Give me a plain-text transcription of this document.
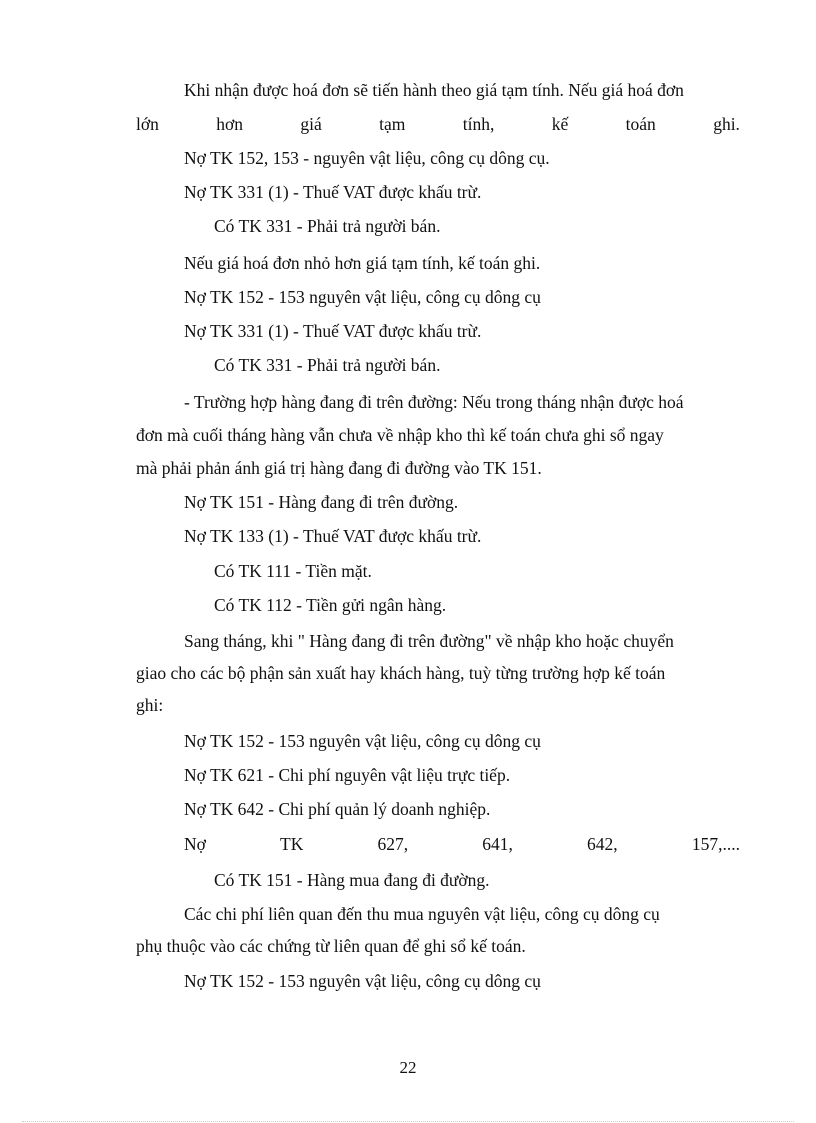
Khi nhận được hoá đơn sẽ tiến hành theo giá tạm tính. Nếu giá hoá đơn
lớn	hơn	giá	tạm	tính,	kế	toán	ghi.
Nợ TK 152, 153 - nguyên vật liệu, công cụ dông cụ.
Nợ TK 331 (1) - Thuế VAT được khấu trừ.
Có TK 331 - Phải trả người bán.
Nếu giá hoá đơn nhỏ hơn giá tạm tính, kế toán ghi.
Nợ TK 152 - 153 nguyên vật liệu, công cụ dông cụ
Nợ TK 331 (1) - Thuế VAT được khấu trừ.
Có TK 331 - Phải trả người bán.
- Trường hợp hàng đang đi trên đường: Nếu trong tháng nhận được hoá
đơn mà cuối tháng hàng vẫn chưa về nhập kho thì kế toán chưa ghi sổ ngay
mà phải phản ánh giá trị hàng đang đi đường vào TK 151.
Nợ TK 151 - Hàng đang đi trên đường.
Nợ TK 133 (1) - Thuế VAT được khấu trừ.
Có TK 111 - Tiền mặt.
Có TK 112 - Tiền gửi ngân hàng.
Sang tháng, khi " Hàng đang đi trên đường" về nhập kho hoặc chuyển
giao cho các bộ phận sản xuất hay khách hàng, tuỳ từng trường hợp kế toán
ghi:
Nợ TK 152 - 153 nguyên vật liệu, công cụ dông cụ
Nợ TK 621 - Chi phí nguyên vật liệu trực tiếp.
Nợ TK 642 - Chi phí quản lý doanh nghiệp.
Nợ	TK	627,	641,	642,	157,....
Có TK 151 - Hàng mua đang đi đường.
Các chi phí liên quan đến thu mua nguyên vật liệu, công cụ dông cụ
phụ thuộc vào các chứng từ liên quan để ghi sổ kế toán.
Nợ TK 152 - 153 nguyên vật liệu, công cụ dông cụ
22
